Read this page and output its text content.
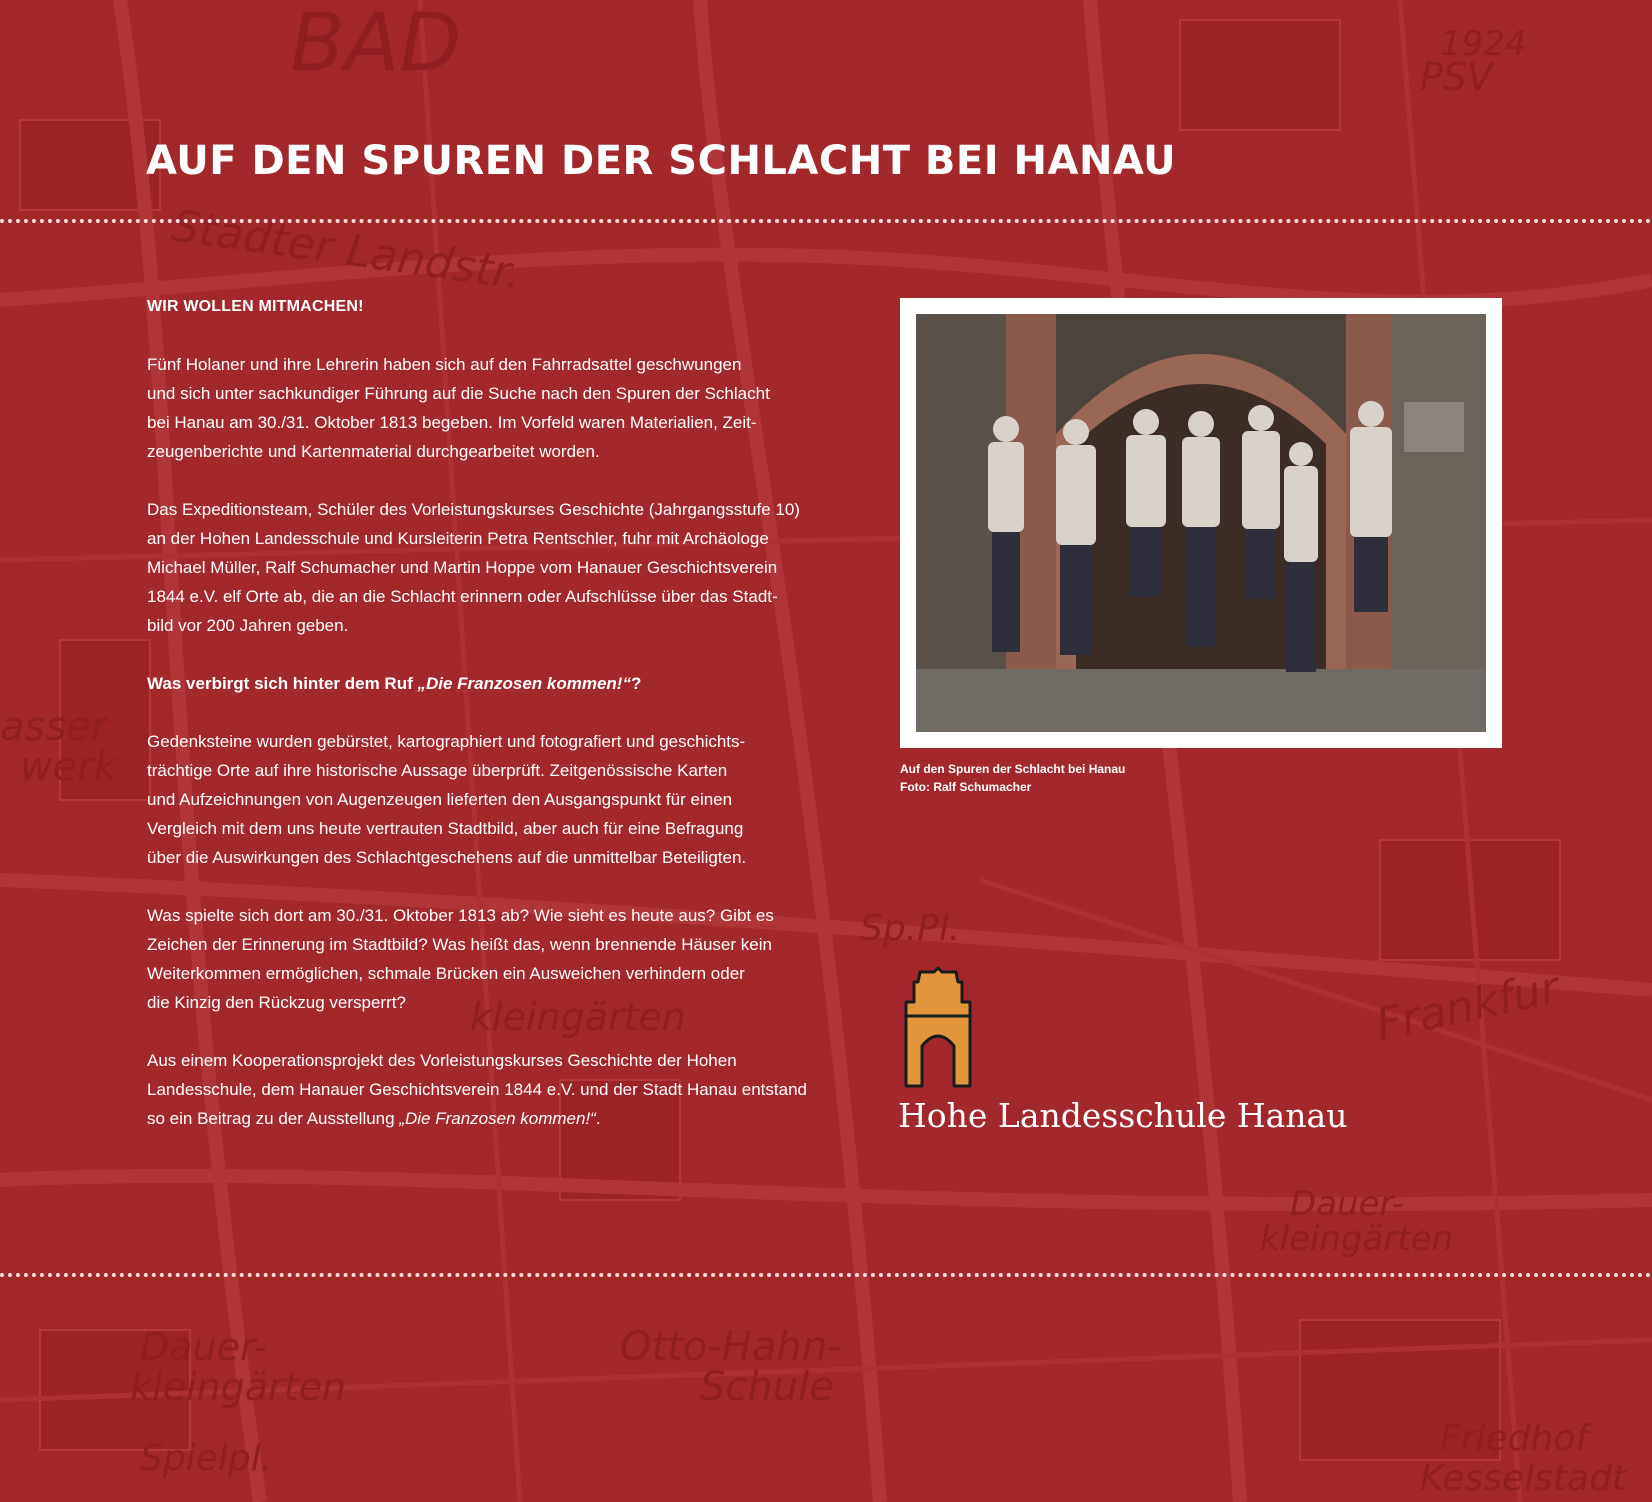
BAD
Stadter Landstr.
asser
werk
kleingärten
Otto-Hahn-
Schule
Dauer-
kleingärten
Spielpl.
Frankfur
kleingärten
Dauer-
Friedhof
Kesselstadt
PSV
1924
Sp.Pl.
AUF DEN SPUREN DER SCHLACHT BEI HANAU

WIR WOLLEN MITMACHEN!

Fünf Holaner und ihre Lehrerin haben sich auf den Fahrradsattel geschwungen
und sich unter sachkundiger Führung auf die Suche nach den Spuren der Schlacht
bei Hanau am 30./31. Oktober 1813 begeben. Im Vorfeld waren Materialien, Zeit-
zeugenberichte und Kartenmaterial durchgearbeitet worden.

Das Expeditionsteam, Schüler des Vorleistungskurses Geschichte (Jahrgangsstufe 10)
an der Hohen Landesschule und Kursleiterin Petra Rentschler, fuhr mit Archäologe
Michael Müller, Ralf Schumacher und Martin Hoppe vom Hanauer Geschichtsverein
1844 e.V. elf Orte ab, die an die Schlacht erinnern oder Aufschlüsse über das Stadt-
bild vor 200 Jahren geben.

Was verbirgt sich hinter dem Ruf „Die Franzosen kommen!“?

Gedenksteine wurden gebürstet, kartographiert und fotografiert und geschichts-
trächtige Orte auf ihre historische Aussage überprüft. Zeitgenössische Karten
und Aufzeichnungen von Augenzeugen lieferten den Ausgangspunkt für einen
Vergleich mit dem uns heute vertrauten Stadtbild, aber auch für eine Befragung
über die Auswirkungen des Schlachtgeschehens auf die unmittelbar Beteiligten.

Was spielte sich dort am 30./31. Oktober 1813 ab? Wie sieht es heute aus? Gibt es
Zeichen der Erinnerung im Stadtbild? Was heißt das, wenn brennende Häuser kein
Weiterkommen ermöglichen, schmale Brücken ein Ausweichen verhindern oder
die Kinzig den Rückzug versperrt?

Aus einem Kooperationsprojekt des Vorleistungskurses Geschichte der Hohen
Landesschule, dem Hanauer Geschichtsverein 1844 e.V. und der Stadt Hanau entstand
so ein Beitrag zu der Ausstellung „Die Franzosen kommen!“.

Auf den Spuren der Schlacht bei Hanau
Foto: Ralf Schumacher
Hohe Landesschule Hanau
